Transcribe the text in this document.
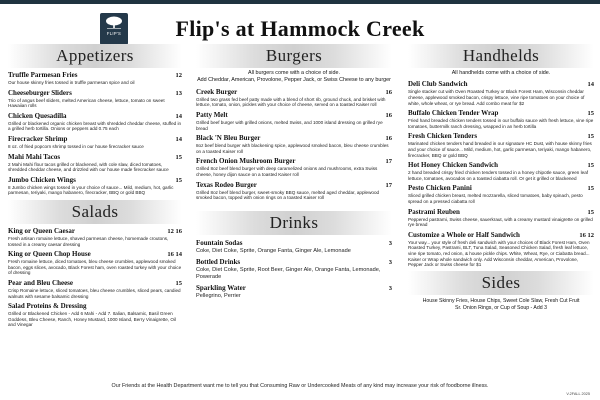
FLIP'S	Flip's at Hammock Creek
Appetizers
Truffle Parmesan Fries	12
Our house skinny fries tossed in truffle parmesan spice and oil
Cheeseburger Sliders	13
Trio of angus beef sliders, melted American cheese, lettuce, tomato on sweet Hawaiian rolls
Chicken Quesadilla	14
Grilled or blackened organic chicken breast with shredded cheddar cheese, stuffed in a grilled herb tortilla. Onions or peppers add 0.75 each
Firecracker Shrimp	14
8 oz. of fried popcorn shrimp tossed in our house firecracker sauce
Mahi Mahi Tacos	15
2 Mahi Mahi flour tacos grilled or blackened, with cole slaw, diced tomatoes, shredded cheddar cheese, and drizzled with our house made firecracker sauce
Jumbo Chicken Wings	15
8 Jumbo chicken wings tossed in your choice of sauce... Mild, medium, hot, garlic parmesan, teriyaki, mango habanero, firecracker, BBQ or gold BBQ
Salads
King or Queen Caesar	12 16
Fresh artisan romaine lettuce, shaved parmesan cheese, homemade croutons, tossed in a creamy caesar dressing
King or Queen Chop House	16 14
Fresh romaine lettuce, diced tomatoes, bleu cheese crumbles, applewood smoked bacon, eggs slices, avocado, Black Forest ham, oven roasted turkey with your choice of dressing
Pear and Bleu Cheese	15
Crisp Romaine lettuce, sliced tomatoes, bleu cheese crumbles, sliced pears, candied walnuts with sesame balsamic dressing
Salad Proteins & Dressing
Grilled or Blackened Chicken - Add 6 Mahi - Add 7. Italian, Balsamic, Basil Green Goddess, Bleu Cheese, Ranch, Honey Mustard, 1000 Island, Berry Vinaigrette, Oil and Vinegar
Burgers
All burgers come with a choice of side.
Add Cheddar, American, Provolone, Pepper Jack, or Swiss Cheese to any burger
Creek Burger	16
Grilled two grass fed beef patty made with a blend of short rib, ground chuck, and brisket with lettuce, tomato, onion, pickles with your choice of cheese, served on a toasted Kaiser roll
Patty Melt	16
Grilled beef burger with grilled onions, melted Swiss, and 1000 island dressing on grilled rye bread
Black 'N Bleu Burger	16
8oz beef blend burger with blackening spice, applewood smoked bacon, bleu cheese crumbles on a toasted Kaiser roll
French Onion Mushroom Burger	17
Grilled 8oz beef blend burger with deep caramelized onions and mushrooms, extra Swiss cheese, honey dijon sauce on a toasted Kaiser roll
Texas Rodeo Burger	17
Grilled 8oz beef blend burger, sweet-smoky BBQ sauce, melted aged cheddar, applewood smoked bacon, topped with onion rings on a toasted Kaiser roll
Drinks
Fountain Sodas	3
Coke, Diet Coke, Sprite, Orange Fanta, Ginger Ale, Lemonade
Bottled Drinks	3
Coke, Diet Coke, Sprite, Root Beer, Ginger Ale, Orange Fanta, Lemonade, Powerade
Sparkling Water	3
Pellegrino, Perrier
Handhelds
All handhelds come with a choice of side.
Deli Club Sandwich	14
Single stacker cut with Oven Roasted Turkey or Black Forest Ham, Wisconsin cheddar cheese, applewood smoked bacon, crispy lettuce, vine ripe tomatoes on your choice of white, whole wheat, or rye bread. Add combo meat for $2
Buffalo Chicken Tender Wrap	15
Fried hand breaded chicken tenders tossed in our buffalo sauce with fresh lettuce, vine ripe tomatoes, buttermilk ranch dressing, wrapped in an herb tortilla
Fresh Chicken Tenders	15
Marinated chicken tenders hand breaded in our signature HC Dust, with house skinny fries and your choice of sauce... Mild, medium, hot, garlic parmesan, teriyaki, mango habanero, firecracker, BBQ or gold BBQ
Hot Honey Chicken Sandwich	15
2 hand breaded crispy fried chicken tenders tossed in a honey chipotle sauce, green leaf lettuce, tomatoes, avocados on a toasted ciabatta roll. Or get it grilled or blackened
Pesto Chicken Panini	15
Sliced grilled chicken breast, melted mozzarella, sliced tomatoes, baby spinach, pesto spread on a pressed ciabatta roll
Pastrami Reuben	15
Peppered pastrami, Swiss cheese, sauerkraut, with a creamy mustard vinaigrette on grilled rye bread
Customize a Whole or Half Sandwich	16 12
Your way... your style of fresh deli sandwich with your choices of Black Forest Ham, Oven Roasted Turkey, Pastrami, BLT, Tuna Salad, Seasoned Chicken Salad, fresh leaf lettuce, vine ripe tomato, red onion, & house pickle chips. White, Wheat, Rye, or Ciabatta bread... Kaiser or Wrap whole sandwich only. Add Wisconsin cheddar, American, Provolone, Pepper Jack or Swiss cheese for $1
Sides
House Skinny Fries, House Chips, Sweet Cole Slaw, Fresh Cut Fruit
Sr. Onion Rings, or Cup of Soup - Add 3
Our Friends at the Health Department want me to tell you that Consuming Raw or Undercooked Meats of any kind may increase your risk of foodborne illness.
V.2FALL 2025
